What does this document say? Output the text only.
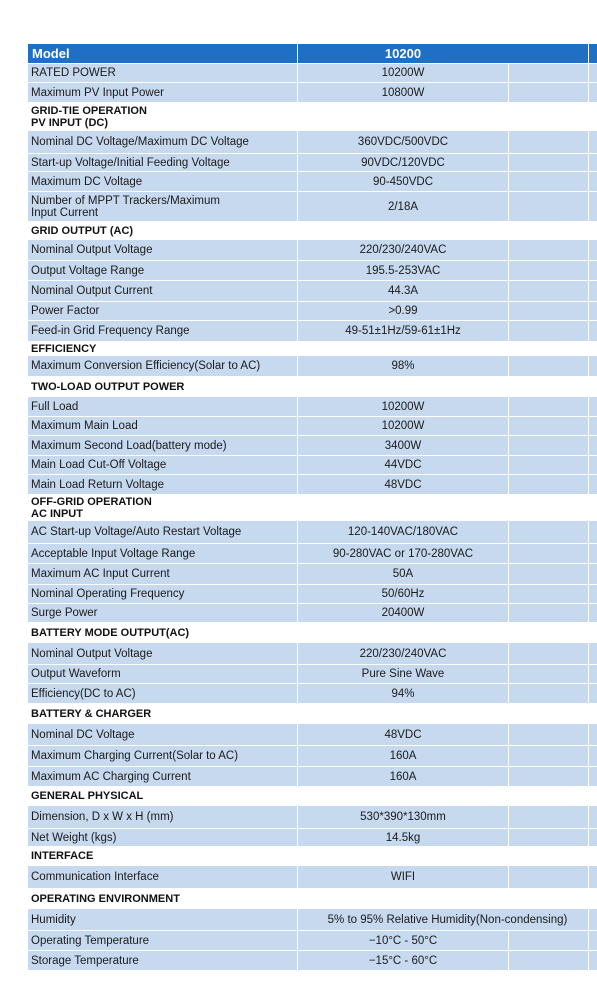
Model	10200
RATED POWER	10200W
Maximum PV Input Power	10800W
GRID-TIE OPERATION
PV INPUT (DC)
Nominal DC Voltage/Maximum DC Voltage	360VDC/500VDC
Start-up Voltage/Initial Feeding Voltage	90VDC/120VDC
Maximum DC Voltage	90-450VDC
Number of MPPT Trackers/Maximum
Input Current	2/18A
GRID OUTPUT (AC)
Nominal Output Voltage	220/230/240VAC
Output Voltage Range	195.5-253VAC
Nominal Output Current	44.3A
Power Factor	>0.99
Feed-in Grid Frequency Range	49-51±1Hz/59-61±1Hz
EFFICIENCY
Maximum Conversion Efficiency(Solar to AC)	98%
TWO-LOAD OUTPUT POWER
Full Load	10200W
Maximum Main Load	10200W
Maximum Second Load(battery mode)	3400W
Main Load Cut-Off Voltage	44VDC
Main Load Return Voltage	48VDC
OFF-GRID OPERATION
AC INPUT
AC Start-up Voltage/Auto Restart Voltage	120-140VAC/180VAC
Acceptable Input Voltage Range	90-280VAC or 170-280VAC
Maximum AC Input Current	50A
Nominal Operating Frequency	50/60Hz
Surge Power	20400W
BATTERY MODE OUTPUT(AC)
Nominal Output Voltage	220/230/240VAC
Output Waveform	Pure Sine Wave
Efficiency(DC to AC)	94%
BATTERY & CHARGER
Nominal DC Voltage	48VDC
Maximum Charging Current(Solar to AC)	160A
Maximum AC Charging Current	160A
GENERAL PHYSICAL
Dimension, D x W x H (mm)	530*390*130mm
Net Weight (kgs)	14.5kg
INTERFACE
Communication Interface	WIFI
OPERATING ENVIRONMENT
Humidity	5% to 95% Relative Humidity(Non-condensing)
Operating Temperature	−10°C - 50°C
Storage Temperature	−15°C - 60°C
